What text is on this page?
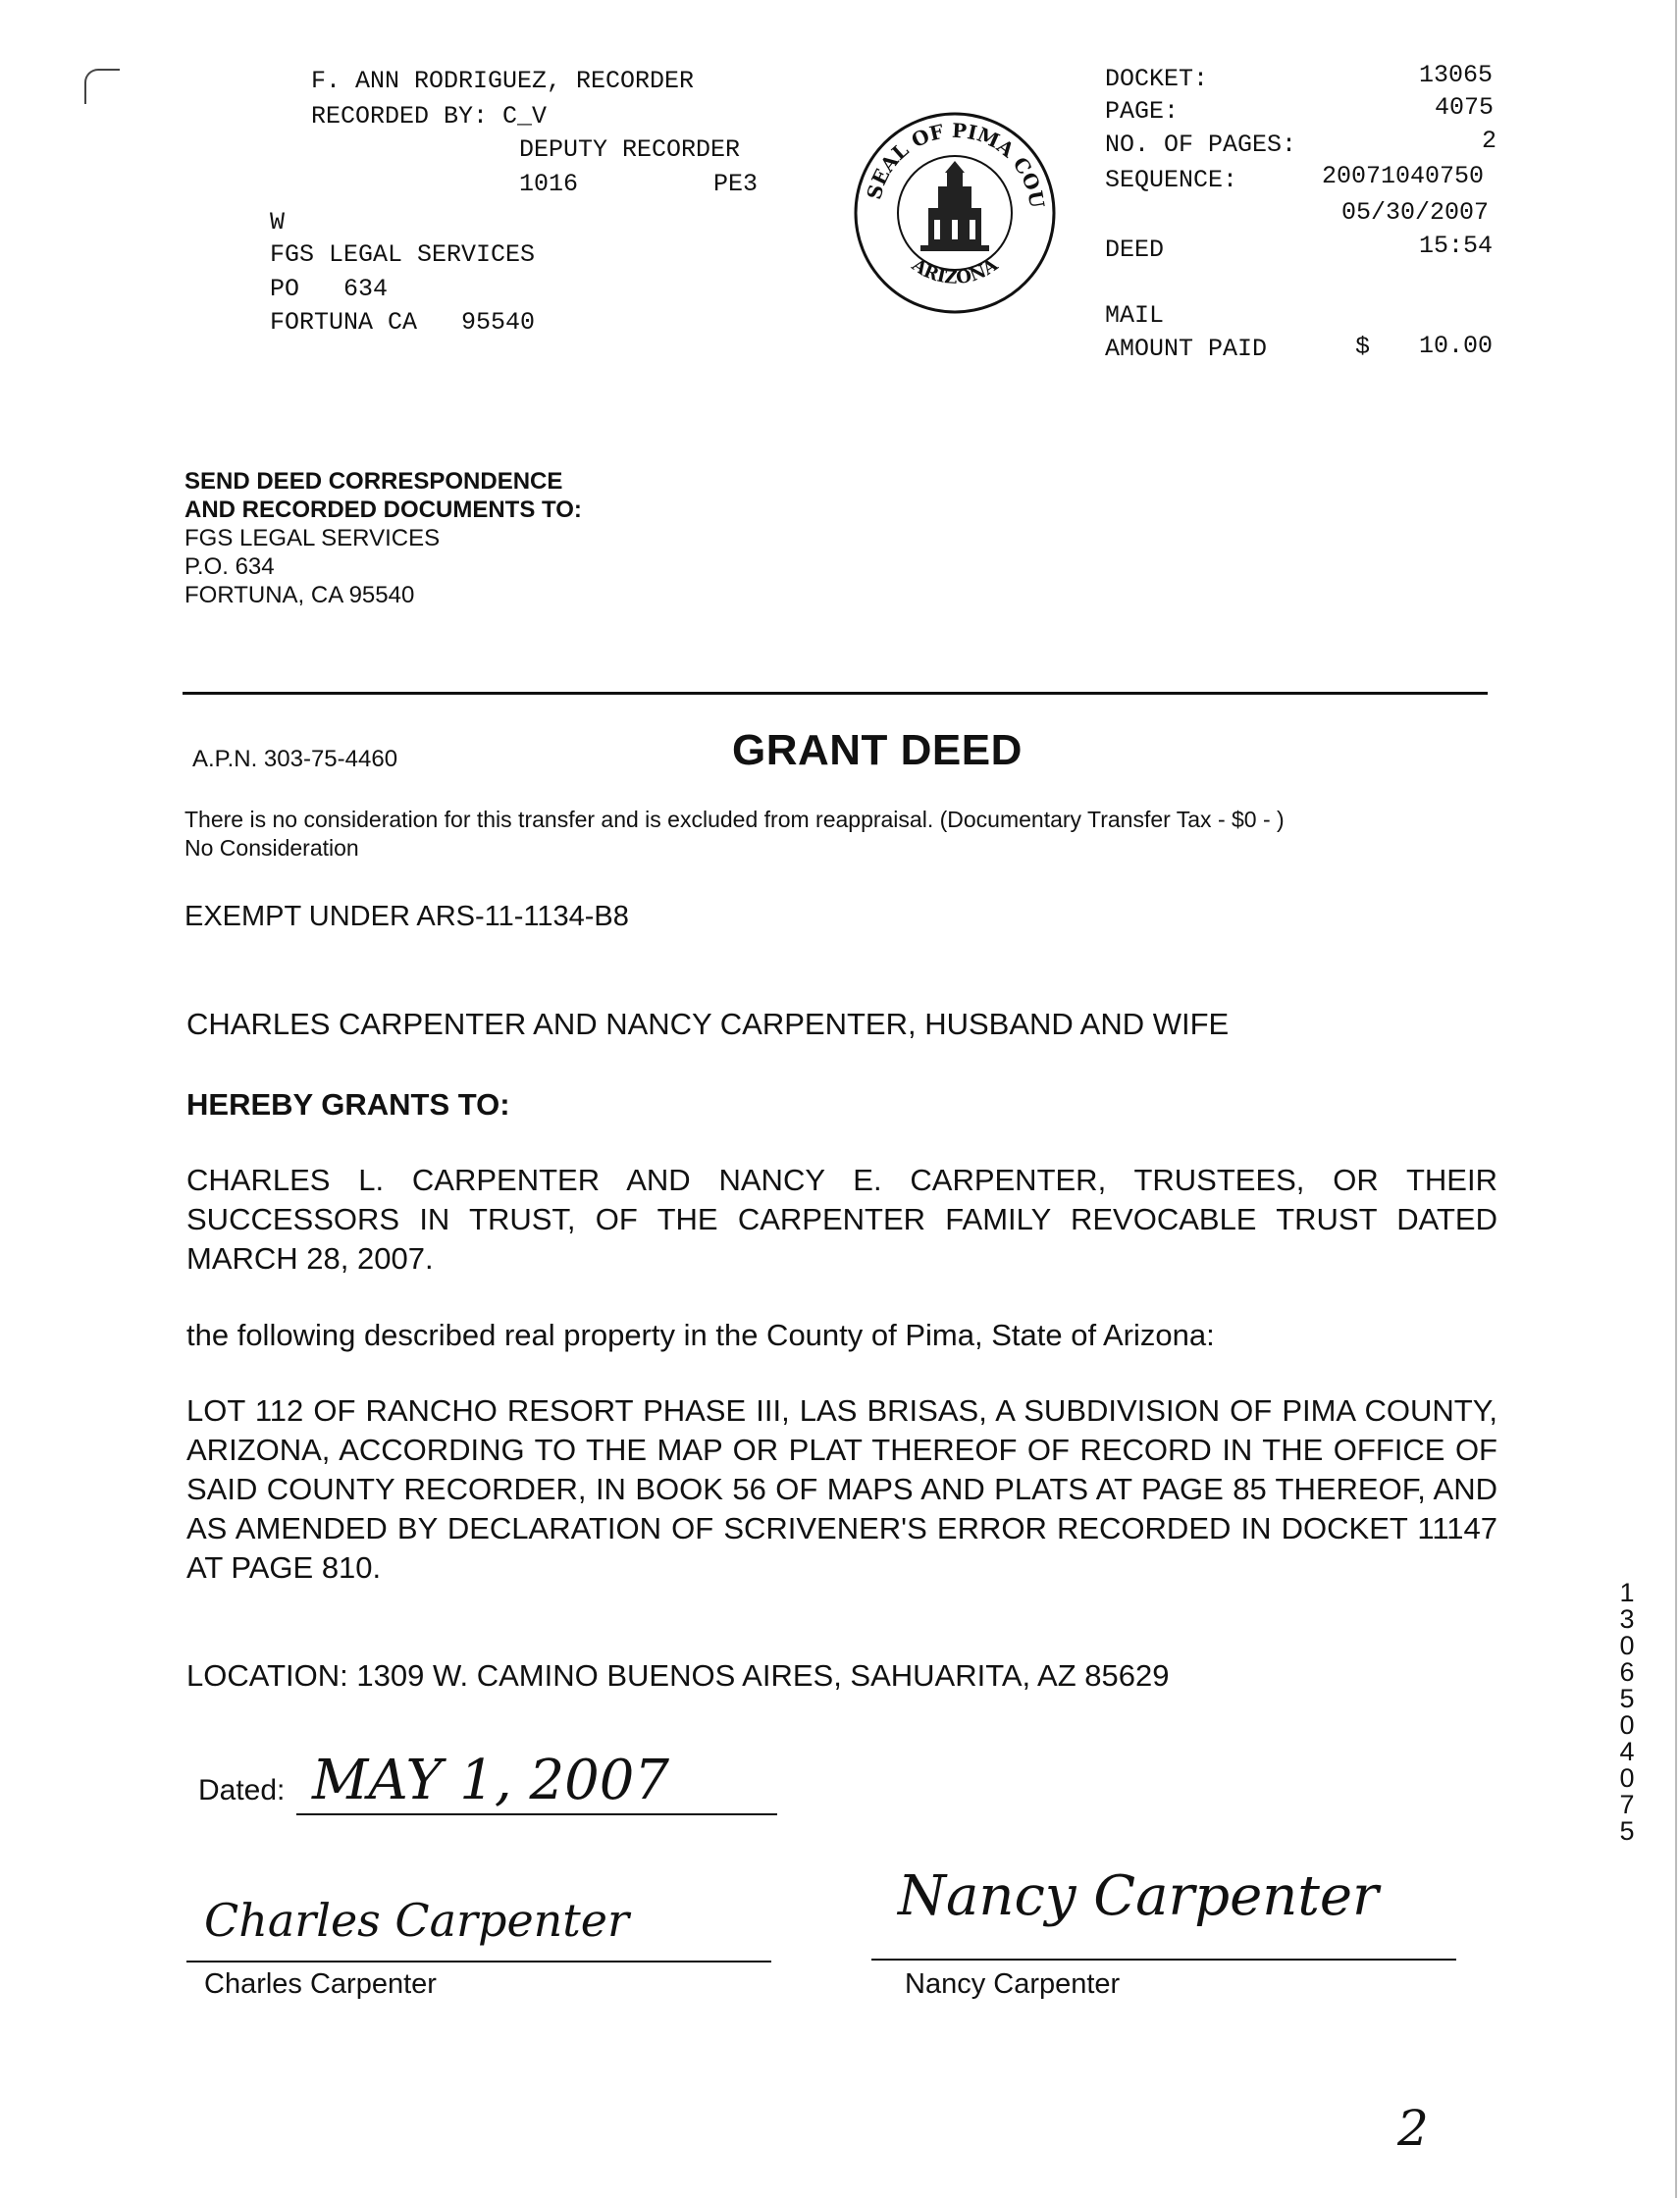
F. ANN RODRIGUEZ, RECORDER
RECORDED BY: C_V
DEPUTY RECORDER
1016	PE3
W
FGS LEGAL SERVICES
PO   634
FORTUNA CA   95540
SEAL OF PIMA COU
ARIZONA
DOCKET:	13065
PAGE:	4075
NO. OF PAGES:	2
SEQUENCE:	20071040750
05/30/2007
DEED	15:54
MAIL
AMOUNT PAID	$ 10.00
SEND DEED CORRESPONDENCE
AND RECORDED DOCUMENTS TO:
FGS LEGAL SERVICES
P.O. 634
FORTUNA, CA 95540
A.P.N. 303-75-4460	GRANT DEED
There is no consideration for this transfer and is excluded from reappraisal. (Documentary Transfer Tax - $0 - )
No Consideration
EXEMPT UNDER ARS-11-1134-B8
CHARLES CARPENTER AND NANCY CARPENTER, HUSBAND AND WIFE
HEREBY GRANTS TO:
CHARLES L. CARPENTER AND NANCY E. CARPENTER, TRUSTEES, OR THEIR SUCCESSORS IN TRUST, OF THE CARPENTER FAMILY REVOCABLE TRUST DATED MARCH 28, 2007.
the following described real property in the County of Pima, State of Arizona:
LOT 112 OF RANCHO RESORT PHASE III, LAS BRISAS, A SUBDIVISION OF PIMA COUNTY, ARIZONA, ACCORDING TO THE MAP OR PLAT THEREOF OF RECORD IN THE OFFICE OF SAID COUNTY RECORDER, IN BOOK 56 OF MAPS AND PLATS AT PAGE 85 THEREOF, AND AS AMENDED BY DECLARATION OF SCRIVENER'S ERROR RECORDED IN DOCKET 11147 AT PAGE 810.
LOCATION: 1309 W. CAMINO BUENOS AIRES, SAHUARITA, AZ 85629
Dated: MAY 1, 2007
Charles Carpenter
Charles Carpenter
Nancy Carpenter
Nancy Carpenter
13065 04075
2
